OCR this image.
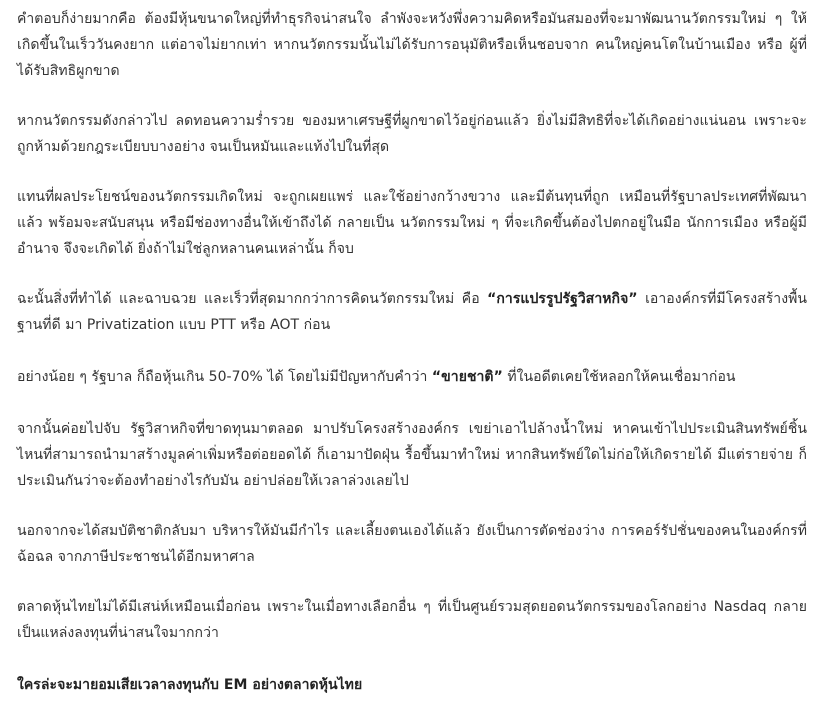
คำตอบก็ง่ายมากคือ ต้องมีหุ้นขนาดใหญ่ที่ทำธุรกิจน่าสนใจ ลำพังจะหวังพึ่งความคิดหรือมันสมองที่จะมาพัฒนานวัตกรรมใหม่ ๆ ให้เกิดขึ้นในเร็ววันคงยาก แต่อาจไม่ยากเท่า หากนวัตกรรมนั้นไม่ได้รับการอนุมัติหรือเห็นชอบจาก คนใหญ่คนโตในบ้านเมือง หรือ ผู้ที่ได้รับสิทธิผูกขาด

หากนวัตกรรมดังกล่าวไป ลดทอนความร่ำรวย ของมหาเศรษฐีที่ผูกขาดไว้อยู่ก่อนแล้ว ยิ่งไม่มีสิทธิที่จะได้เกิดอย่างแน่นอน เพราะจะถูกห้ามด้วยกฎระเบียบบางอย่าง จนเป็นหมันและแท้งไปในที่สุด

แทนที่ผลประโยชน์ของนวัตกรรมเกิดใหม่ จะถูกเผยแพร่ และใช้อย่างกว้างขวาง และมีต้นทุนที่ถูก เหมือนที่รัฐบาลประเทศที่พัฒนาแล้ว พร้อมจะสนับสนุน หรือมีช่องทางอื่นให้เข้าถึงได้ กลายเป็น นวัตกรรมใหม่ ๆ ที่จะเกิดขึ้นต้องไปตกอยู่ในมือ นักการเมือง หรือผู้มีอำนาจ จึงจะเกิดได้ ยิ่งถ้าไม่ใช่ลูกหลานคนเหล่านั้น ก็จบ

ฉะนั้นสิ่งที่ทำได้ และฉาบฉวย และเร็วที่สุดมากกว่าการคิดนวัตกรรมใหม่ คือ “การแปรรูปรัฐวิสาหกิจ” เอาองค์กรที่มีโครงสร้างพื้นฐานที่ดี มา Privatization แบบ PTT หรือ AOT ก่อน

อย่างน้อย ๆ รัฐบาล ก็ถือหุ้นเกิน 50-70% ได้ โดยไม่มีปัญหากับคำว่า “ขายชาติ” ที่ในอดีตเคยใช้หลอกให้คนเชื่อมาก่อน

จากนั้นค่อยไปจับ รัฐวิสาหกิจที่ขาดทุนมาตลอด มาปรับโครงสร้างองค์กร เขย่าเอาไปล้างน้ำใหม่ หาคนเข้าไปประเมินสินทรัพย์ชิ้นไหนที่สามารถนำมาสร้างมูลค่าเพิ่มหรือต่อยอดได้ ก็เอามาปัดฝุ่น รื้อขึ้นมาทำใหม่ หากสินทรัพย์ใดไม่ก่อให้เกิดรายได้ มีแต่รายจ่าย ก็ประเมินกันว่าจะต้องทำอย่างไรกับมัน อย่าปล่อยให้เวลาล่วงเลยไป

นอกจากจะได้สมบัติชาติกลับมา บริหารให้มันมีกำไร และเลี้ยงตนเองได้แล้ว ยังเป็นการตัดช่องว่าง การคอร์รัปชั่นของคนในองค์กรที่ฉ้อฉล จากภาษีประชาชนได้อีกมหาศาล

ตลาดหุ้นไทยไม่ได้มีเสน่ห์เหมือนเมื่อก่อน เพราะในเมื่อทางเลือกอื่น ๆ ที่เป็นศูนย์รวมสุดยอดนวัตกรรมของโลกอย่าง Nasdaq กลายเป็นแหล่งลงทุนที่น่าสนใจมากกว่า

ใครล่ะจะมายอมเสียเวลาลงทุนกับ EM อย่างตลาดหุ้นไทย
